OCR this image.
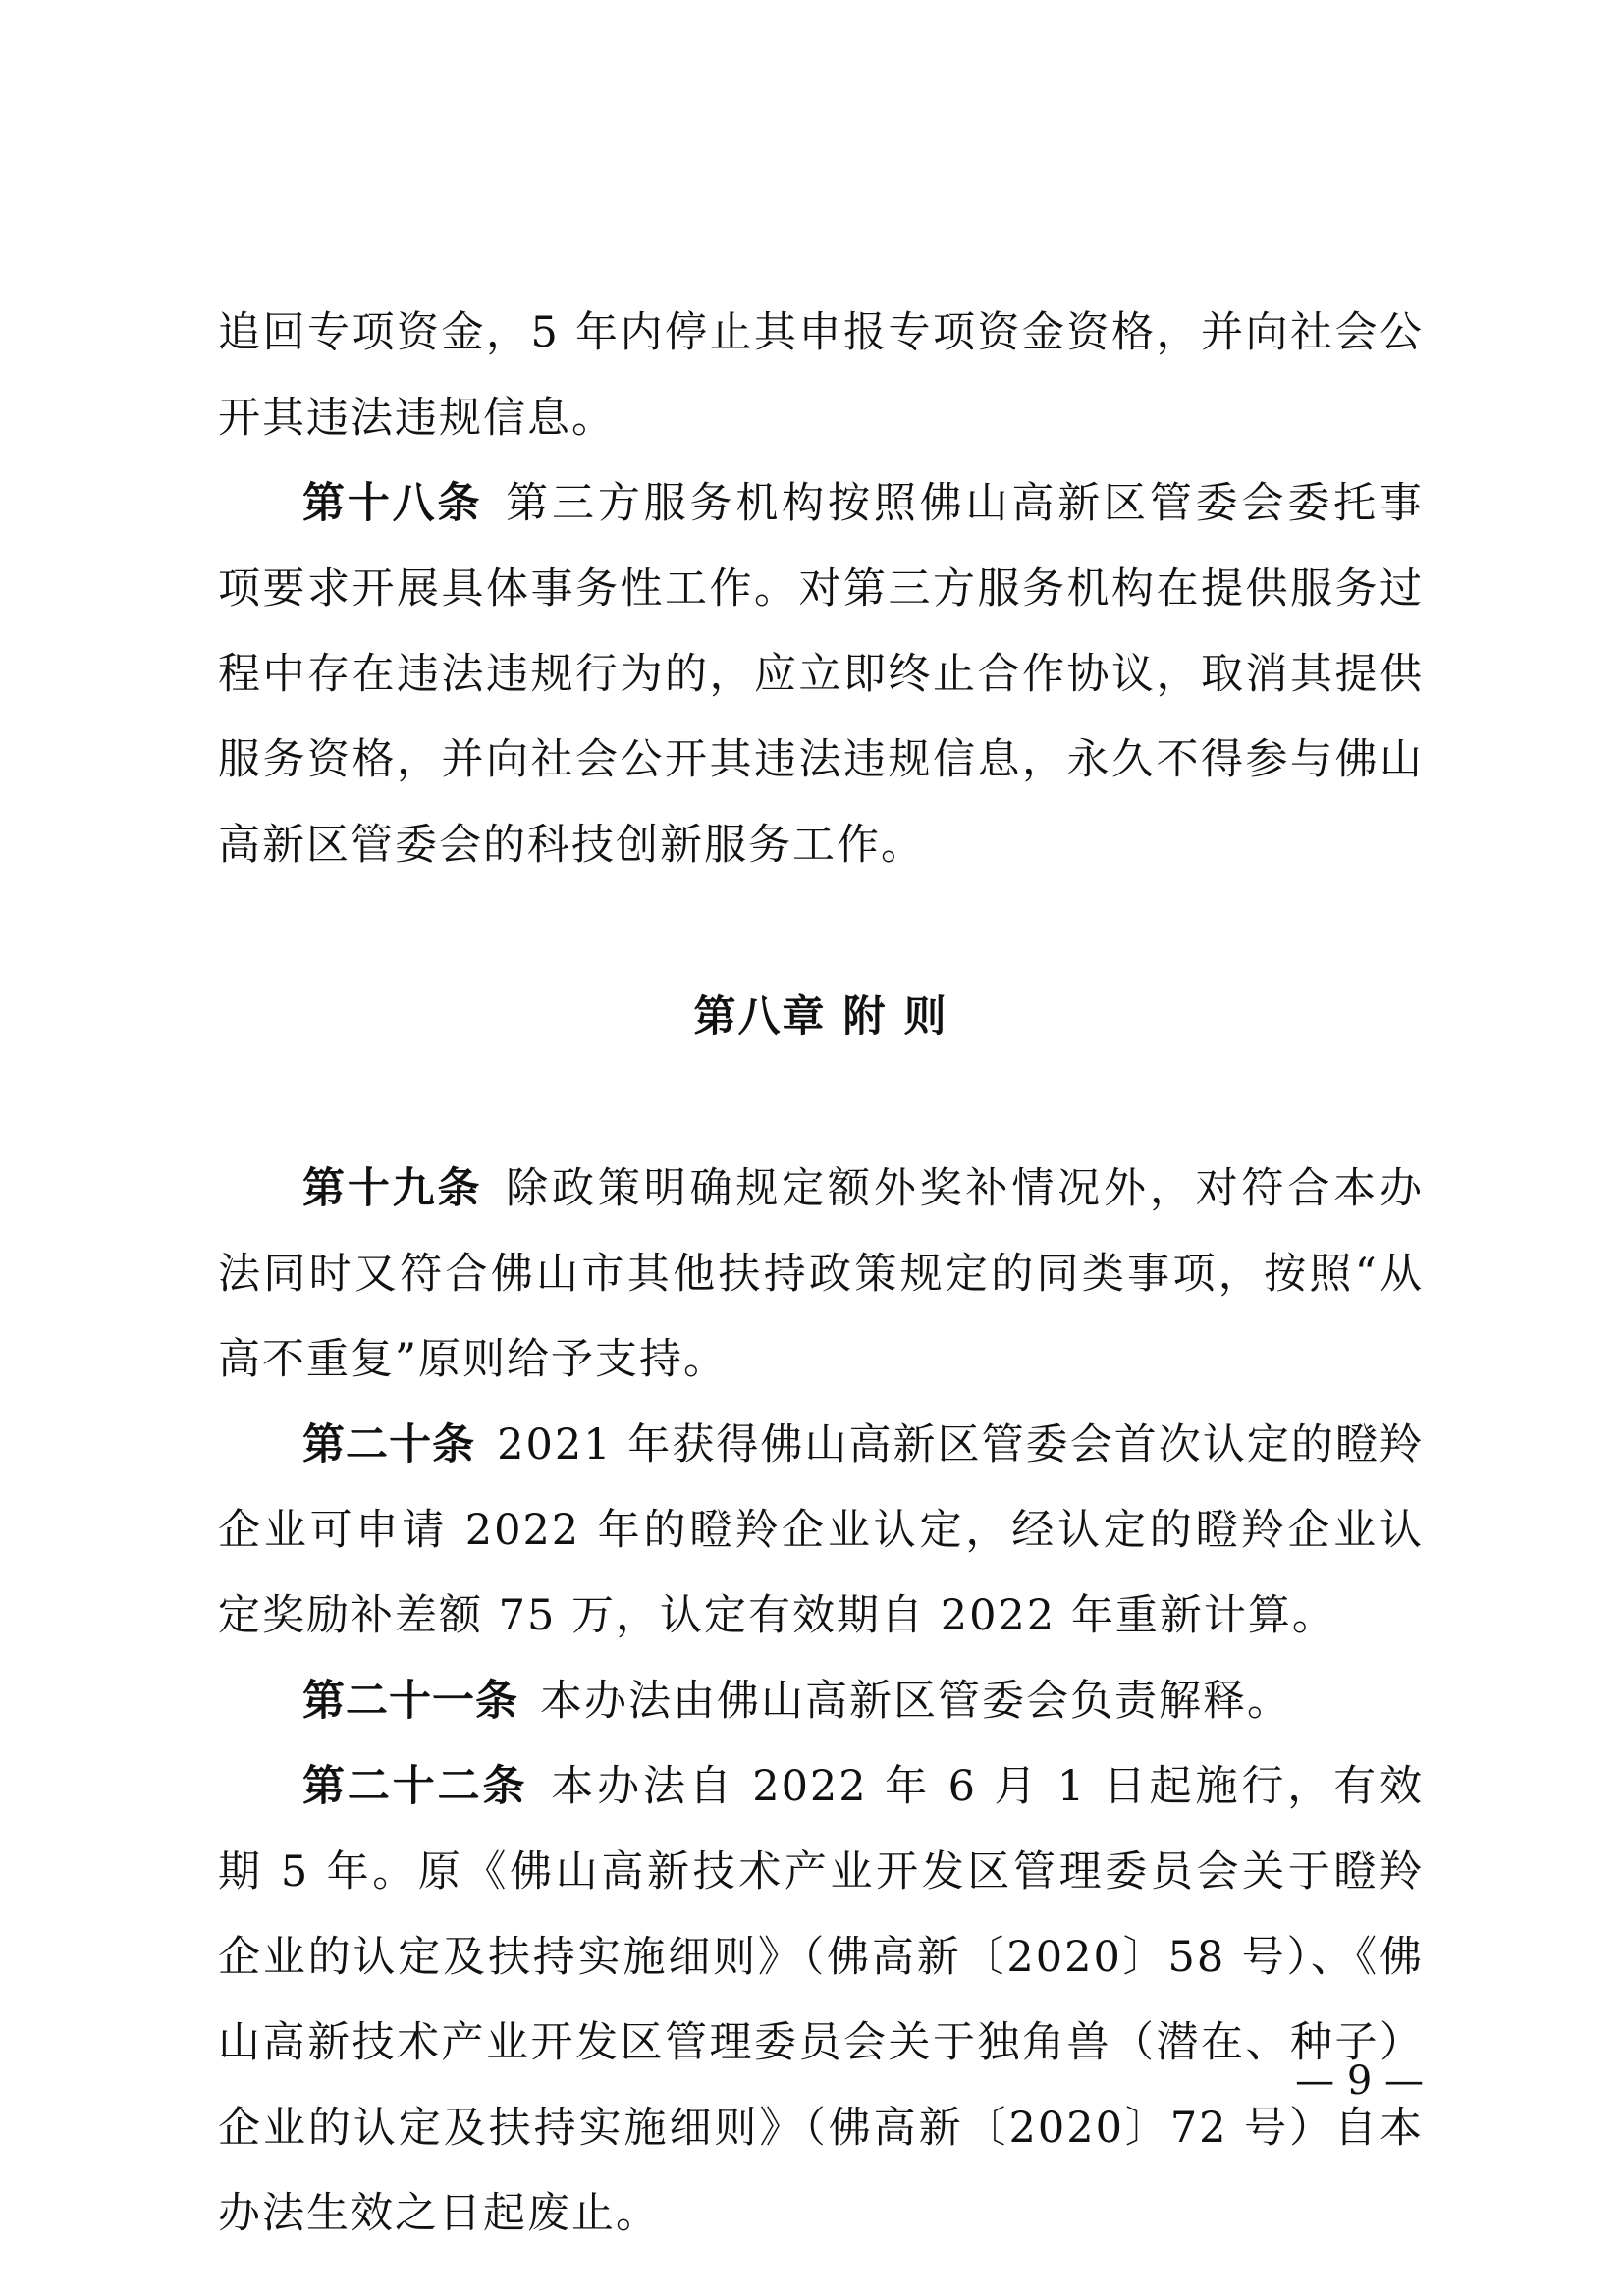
追回专项资金，5 年内停止其申报专项资金资格，并向社会公开其违法违规信息。

第十八条 第三方服务机构按照佛山高新区管委会委托事项要求开展具体事务性工作。对第三方服务机构在提供服务过程中存在违法违规行为的，应立即终止合作协议，取消其提供服务资格，并向社会公开其违法违规信息，永久不得参与佛山高新区管委会的科技创新服务工作。

第八章 附 则

第十九条 除政策明确规定额外奖补情况外，对符合本办法同时又符合佛山市其他扶持政策规定的同类事项，按照“从高不重复”原则给予支持。

第二十条 2021 年获得佛山高新区管委会首次认定的瞪羚企业可申请 2022 年的瞪羚企业认定，经认定的瞪羚企业认定奖励补差额 75 万，认定有效期自 2022 年重新计算。

第二十一条 本办法由佛山高新区管委会负责解释。

第二十二条 本办法自 2022 年 6 月 1 日起施行，有效期 5 年。原《佛山高新技术产业开发区管理委员会关于瞪羚企业的认定及扶持实施细则》（佛高新〔2020〕58 号）、《佛山高新技术产业开发区管理委员会关于独角兽（潜在、种子）企业的认定及扶持实施细则》（佛高新〔2020〕72 号）自本办法生效之日起废止。

— 9 —
